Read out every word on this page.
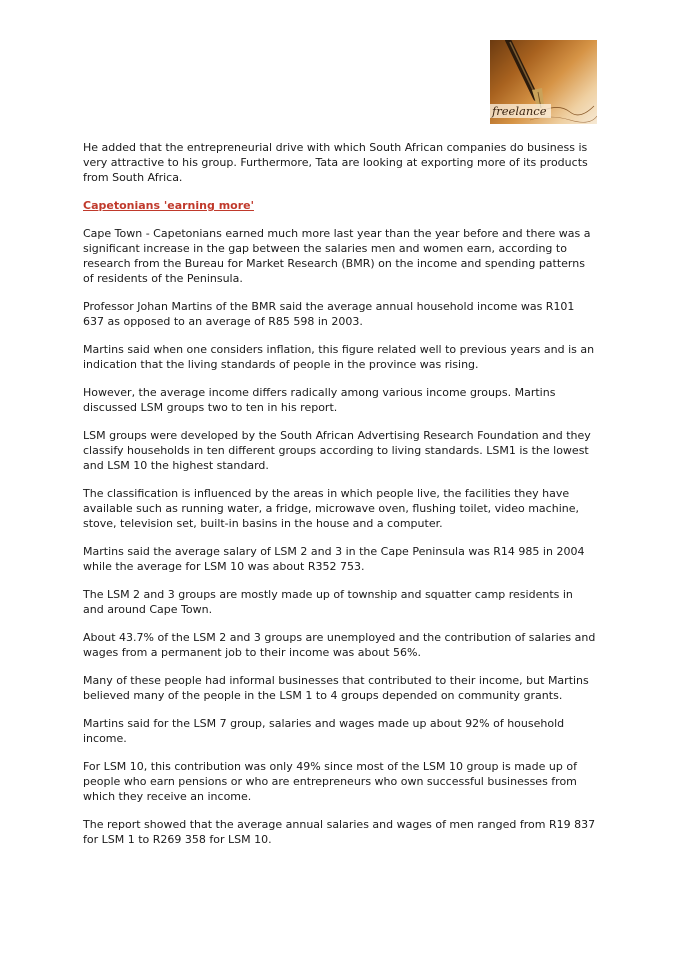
freelance

He added that the entrepreneurial drive with which South African companies do business is very attractive to his group. Furthermore, Tata are looking at exporting more of its products from South Africa.

Capetonians 'earning more'

Cape Town - Capetonians earned much more last year than the year before and there was a significant increase in the gap between the salaries men and women earn, according to research from the Bureau for Market Research (BMR) on the income and spending patterns of residents of the Peninsula.

Professor Johan Martins of the BMR said the average annual household income was R101 637 as opposed to an average of R85 598 in 2003.

Martins said when one considers inflation, this figure related well to previous years and is an indication that the living standards of people in the province was rising.

However, the average income differs radically among various income groups. Martins discussed LSM groups two to ten in his report.

LSM groups were developed by the South African Advertising Research Foundation and they classify households in ten different groups according to living standards. LSM1 is the lowest and LSM 10 the highest standard.

The classification is influenced by the areas in which people live, the facilities they have available such as running water, a fridge, microwave oven, flushing toilet, video machine, stove, television set, built-in basins in the house and a computer.

Martins said the average salary of LSM 2 and 3 in the Cape Peninsula was R14 985 in 2004 while the average for LSM 10 was about R352 753.

The LSM 2 and 3 groups are mostly made up of township and squatter camp residents in and around Cape Town.

About 43.7% of the LSM 2 and 3 groups are unemployed and the contribution of salaries and wages from a permanent job to their income was about 56%.

Many of these people had informal businesses that contributed to their income, but Martins believed many of the people in the LSM 1 to 4 groups depended on community grants.

Martins said for the LSM 7 group, salaries and wages made up about 92% of household income.

For LSM 10, this contribution was only 49% since most of the LSM 10 group is made up of people who earn pensions or who are entrepreneurs who own successful businesses from which they receive an income.

The report showed that the average annual salaries and wages of men ranged from R19 837 for LSM 1 to R269 358 for LSM 10.
